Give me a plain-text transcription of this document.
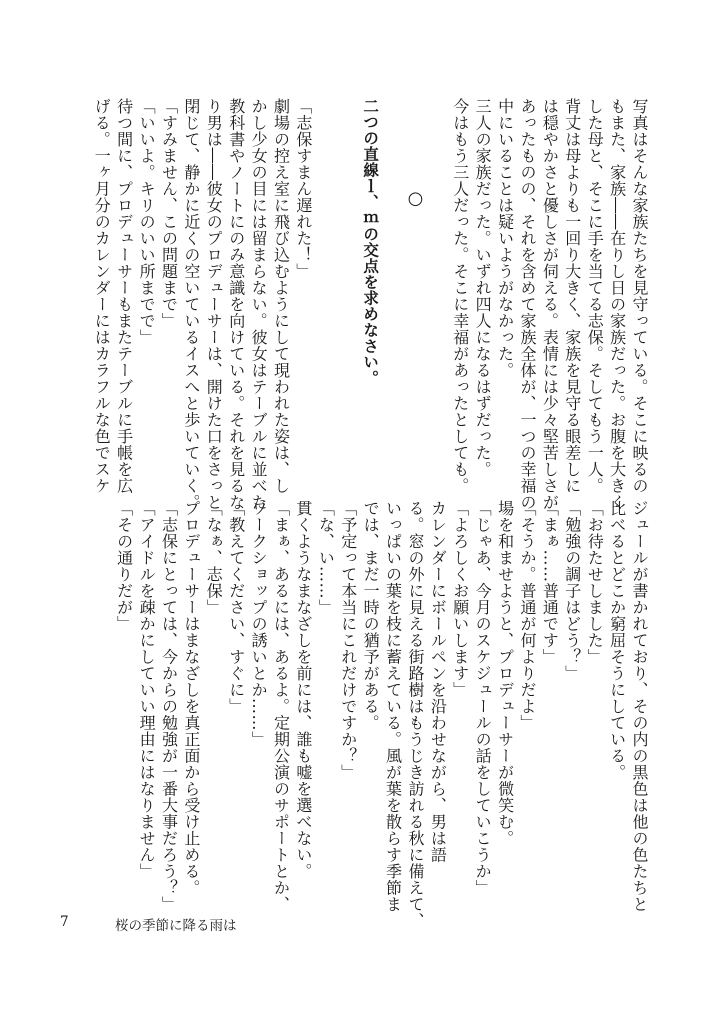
写真はそんな家族たちを見守っている。そこに映るの
もまた、家族――在りし日の家族だった。お腹を大きく
した母と、そこに手を当てる志保。そしてもう一人。
背丈は母よりも一回り大きく、家族を見守る眼差しに
は穏やかさと優しさが伺える。表情には少々堅苦しさが
あったものの、それを含めて家族全体が、一つの幸福の
中にいることは疑いようがなかった。
三人の家族だった。いずれ四人になるはずだった。
今はもう三人だった。そこに幸福があったとしても。

○

二つの直線ｌ、ｍの交点を求めなさい。

「志保すまん遅れた！」
劇場の控え室に飛び込むようにして現われた姿は、し
かし少女の目には留まらない。彼女はテーブルに並べた
教科書やノートにのみ意識を向けている。それを見るな
り男は――彼女のプロデューサーは、開けた口をさっと
閉じて、静かに近くの空いているイスへと歩いていく。
「すみません、この問題まで」
「いいよ。キリのいい所までで」
待つ間に、プロデューサーもまたテーブルに手帳を広
げる。一ヶ月分のカレンダーにはカラフルな色でスケ
ジュールが書かれており、その内の黒色は他の色たちと
比べるとどこか窮屈そうにしている。
「お待たせしました」
「勉強の調子はどう？」
「まぁ……普通です」
「そうか。普通が何よりだよ」
場を和ませようと、プロデューサーが微笑む。
「じゃあ、今月のスケジュールの話をしていこうか」
「よろしくお願いします」
カレンダーにボールペンを沿わせながら、男は語
る。窓の外に見える街路樹はもうじき訪れる秋に備えて、
いっぱいの葉を枝に蓄えている。風が葉を散らす季節ま
では、まだ一時の猶予がある。
「予定って本当にこれだけですか？」
「な、い……」
貫くようなまなざしを前には、誰も嘘を選べない。
「まぁ、あるには、あるよ。定期公演のサポートとか、
ワークショップの誘いとか……」
「教えてください、すぐに」
「なぁ、志保」
プロデューサーはまなざしを真正面から受け止める。
「志保にとっては、今からの勉強が一番大事だろう？」
「アイドルを疎かにしていい理由にはなりません」
「その通りだが」
7	桜の季節に降る雨は
